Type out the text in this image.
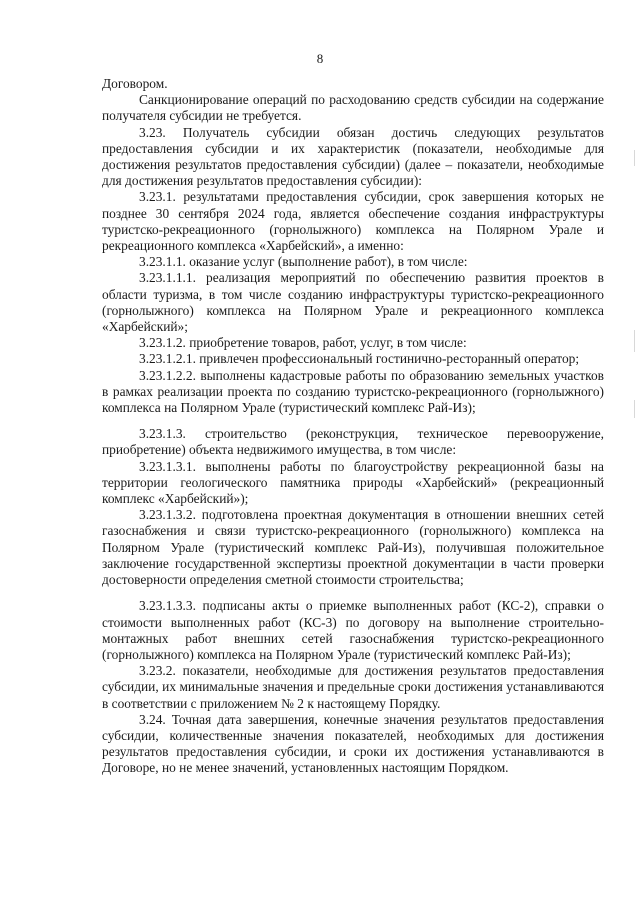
8

Договором.

Санкционирование операций по расходованию средств субсидии на содержание получателя субсидии не требуется.

3.23. Получатель субсидии обязан достичь следующих результатов предоставления субсидии и их характеристик (показатели, необходимые для достижения результатов предоставления субсидии) (далее – показатели, необходимые для достижения результатов предоставления субсидии):

3.23.1. результатами предоставления субсидии, срок завершения которых не позднее 30 сентября 2024 года, является обеспечение создания инфраструктуры туристско-рекреационного (горнолыжного) комплекса на Полярном Урале и рекреационного комплекса «Харбейский», а именно:

3.23.1.1. оказание услуг (выполнение работ), в том числе:

3.23.1.1.1. реализация мероприятий по обеспечению развития проектов в области туризма, в том числе созданию инфраструктуры туристско-рекреационного (горнолыжного) комплекса на Полярном Урале и рекреационного комплекса «Харбейский»;

3.23.1.2. приобретение товаров, работ, услуг, в том числе:

3.23.1.2.1. привлечен профессиональный гостинично-ресторанный оператор;

3.23.1.2.2. выполнены кадастровые работы по образованию земельных участков в рамках реализации проекта по созданию туристско-рекреационного (горнолыжного) комплекса на Полярном Урале (туристический комплекс Рай-Из);

3.23.1.3. строительство (реконструкция, техническое перевооружение, приобретение) объекта недвижимого имущества, в том числе:

3.23.1.3.1. выполнены работы по благоустройству рекреационной базы на территории геологического памятника природы «Харбейский» (рекреационный комплекс «Харбейский»);

3.23.1.3.2. подготовлена проектная документация в отношении внешних сетей газоснабжения и связи туристско-рекреационного (горнолыжного) комплекса на Полярном Урале (туристический комплекс Рай-Из), получившая положительное заключение государственной экспертизы проектной документации в части проверки достоверности определения сметной стоимости строительства;

3.23.1.3.3. подписаны акты о приемке выполненных работ (КС-2), справки о стоимости выполненных работ (КС-3) по договору на выполнение строительно-монтажных работ внешних сетей газоснабжения туристско-рекреационного (горнолыжного) комплекса на Полярном Урале (туристический комплекс Рай-Из);

3.23.2. показатели, необходимые для достижения результатов предоставления субсидии, их минимальные значения и предельные сроки достижения устанавливаются в соответствии с приложением № 2 к настоящему Порядку.

3.24. Точная дата завершения, конечные значения результатов предоставления субсидии, количественные значения показателей, необходимых для достижения результатов предоставления субсидии, и сроки их достижения устанавливаются в Договоре, но не менее значений, установленных настоящим Порядком.
